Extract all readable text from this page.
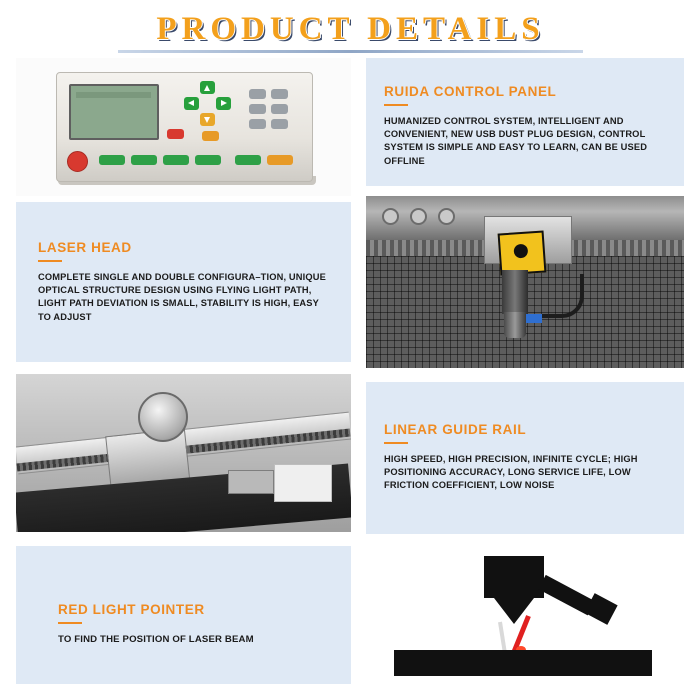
PRODUCT DETAILS

RUIDA CONTROL PANEL

HUMANIZED CONTROL SYSTEM, INTELLIGENT AND CONVENIENT, NEW USB DUST PLUG DESIGN, CONTROL SYSTEM IS SIMPLE AND EASY TO LEARN, CAN BE USED OFFLINE

LASER HEAD

COMPLETE SINGLE AND DOUBLE CONFIGURA–TION, UNIQUE OPTICAL STRUCTURE DESIGN USING FLYING LIGHT PATH, LIGHT PATH DEVIATION IS SMALL, STABILITY IS HIGH, EASY TO ADJUST

LINEAR GUIDE RAIL

HIGH SPEED, HIGH PRECISION, INFINITE CYCLE; HIGH POSITIONING ACCURACY, LONG SERVICE LIFE, LOW FRICTION COEFFICIENT, LOW NOISE

RED LIGHT POINTER

TO FIND THE POSITION OF LASER BEAM
